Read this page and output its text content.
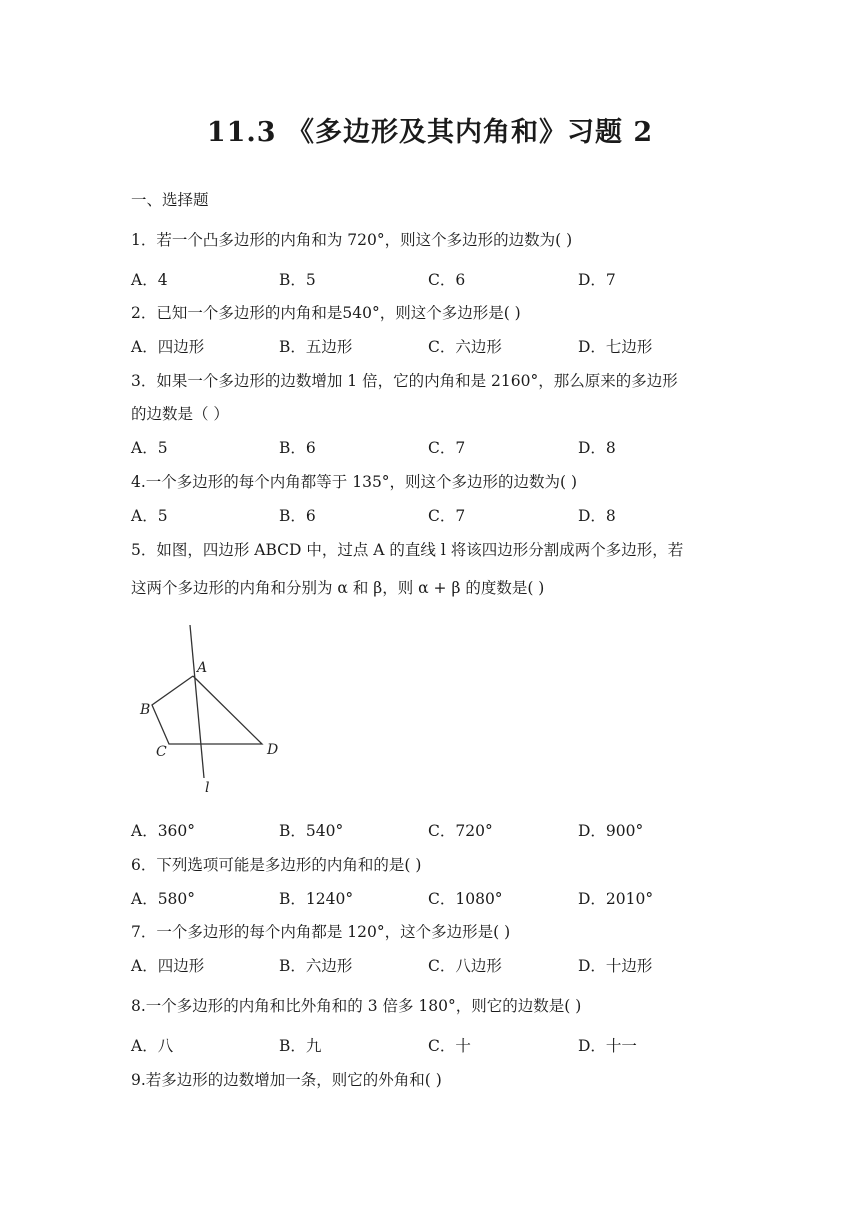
11.3 《多边形及其内角和》习题 2
一、选择题
1．若一个凸多边形的内角和为 720°，则这个多边形的边数为( )
A．4	B．5	C．6	D．7
2．已知一个多边形的内角和是540°，则这个多边形是( )
A．四边形	B．五边形	C．六边形	D．七边形
3．如果一个多边形的边数增加 1 倍，它的内角和是 2160°，那么原来的多边形
的边数是（ ）
A．5	B．6	C．7	D．8
4.一个多边形的每个内角都等于 135°，则这个多边形的边数为( )
A．5	B．6	C．7	D．8
5．如图，四边形 ABCD 中，过点 A 的直线 l 将该四边形分割成两个多边形，若
这两个多边形的内角和分别为 α 和 β，则 α + β 的度数是( )
A
B
C	D
l
A．360°	B．540°	C．720°	D．900°
6．下列选项可能是多边形的内角和的是( )
A．580°	B．1240°	C．1080°	D．2010°
7．一个多边形的每个内角都是 120°，这个多边形是( )
A．四边形	B．六边形	C．八边形	D．十边形
8.一个多边形的内角和比外角和的 3 倍多 180°，则它的边数是( )
A．八	B．九	C．十	D．十一
9.若多边形的边数增加一条，则它的外角和( )
